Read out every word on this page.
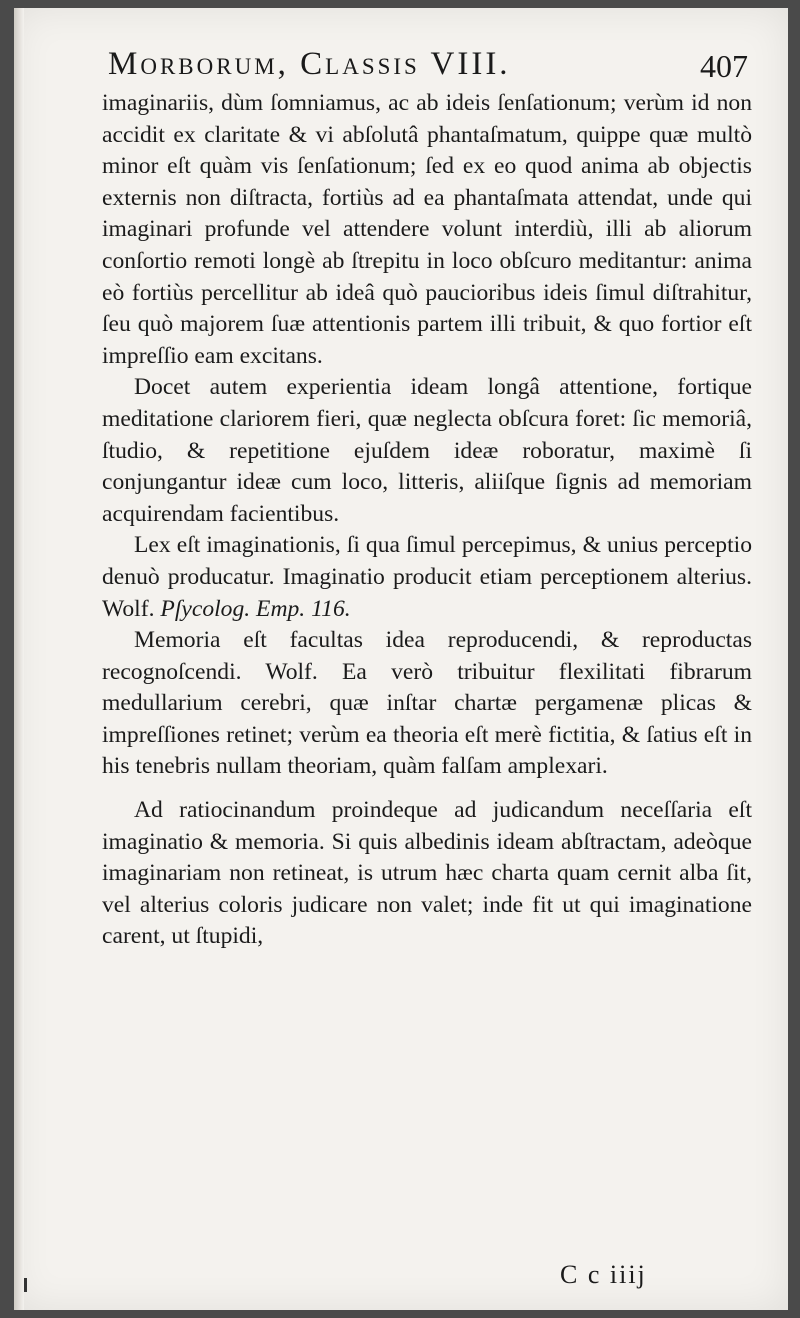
Morborum, Classis VIII.	407

imaginariis, dùm ſomniamus, ac ab ideis ſenſationum; verùm id non accidit ex claritate & vi abſolutâ phantaſmatum, quippe quæ multò minor eſt quàm vis ſenſationum; ſed ex eo quod anima ab objectis externis non diſtracta, fortiùs ad ea phantaſmata attendat, unde qui imaginari profunde vel attendere volunt interdiù, illi ab aliorum conſortio remoti longè ab ſtrepitu in loco obſcuro meditantur: anima eò fortiùs percellitur ab ideâ quò paucioribus ideis ſimul diſtrahitur, ſeu quò majorem ſuæ attentionis partem illi tribuit, & quo fortior eſt impreſſio eam excitans.

Docet autem experientia ideam longâ attentione, fortique meditatione clariorem fieri, quæ neglecta obſcura foret: ſic memoriâ, ſtudio, & repetitione ejuſdem ideæ roboratur, maximè ſi conjungantur ideæ cum loco, litteris, aliiſque ſignis ad memoriam acquirendam facientibus.

Lex eſt imaginationis, ſi qua ſimul percepimus, & unius perceptio denuò producatur. Imaginatio producit etiam perceptionem alterius. Wolf. Pſycolog. Emp. 116.

Memoria eſt facultas idea reproducendi, & reproductas recognoſcendi. Wolf. Ea verò tribuitur flexilitati fibrarum medullarium cerebri, quæ inſtar chartæ pergamenæ plicas & impreſſiones retinet; verùm ea theoria eſt merè fictitia, & ſatius eſt in his tenebris nullam theoriam, quàm falſam amplexari.

Ad ratiocinandum proindeque ad judicandum neceſſaria eſt imaginatio & memoria. Si quis albedinis ideam abſtractam, adeòque imaginariam non retineat, is utrum hæc charta quam cernit alba ſit, vel alterius coloris judicare non valet; inde fit ut qui imaginatione carent, ut ſtupidi,

C c iiij
